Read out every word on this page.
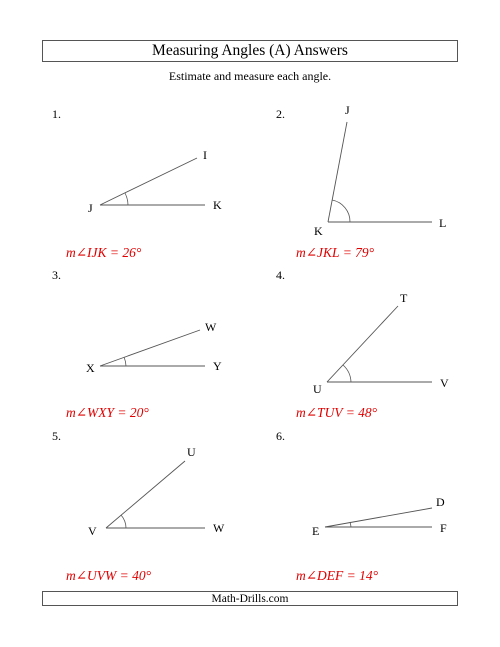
Measuring Angles (A) Answers
Estimate and measure each angle.
1.
J	K
I
m∠IJK = 26°
2.
K
L
J
m∠JKL = 79°
3.
X	Y
W
m∠WXY = 20°
4.
U	V
T
m∠TUV = 48°
5.
V	W
U
m∠UVW = 40°
6.
E	F
D
m∠DEF = 14°
Math-Drills.com
